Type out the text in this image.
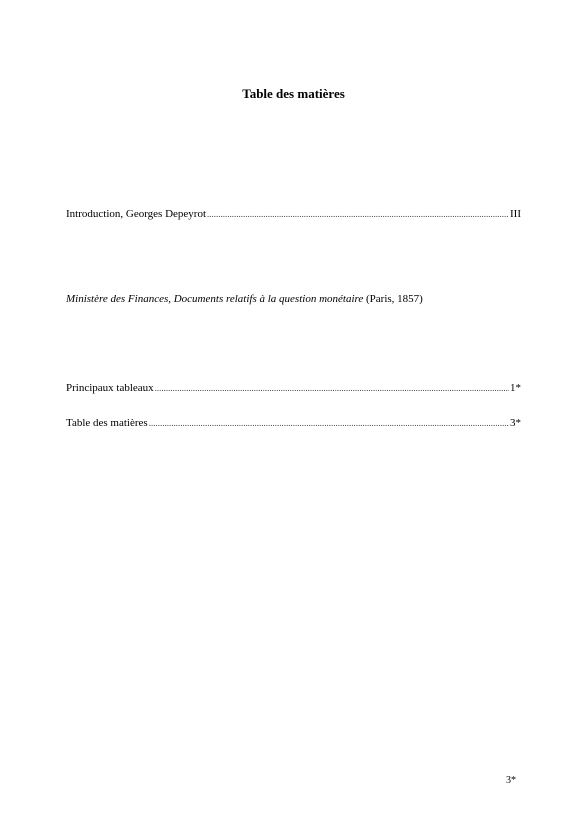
Table des matières
Introduction, Georges Depeyrot .....	III
Ministère des Finances, Documents relatifs à la question monétaire (Paris, 1857)
Principaux tableaux .....	1*
Table des matières .....	3*
3*
